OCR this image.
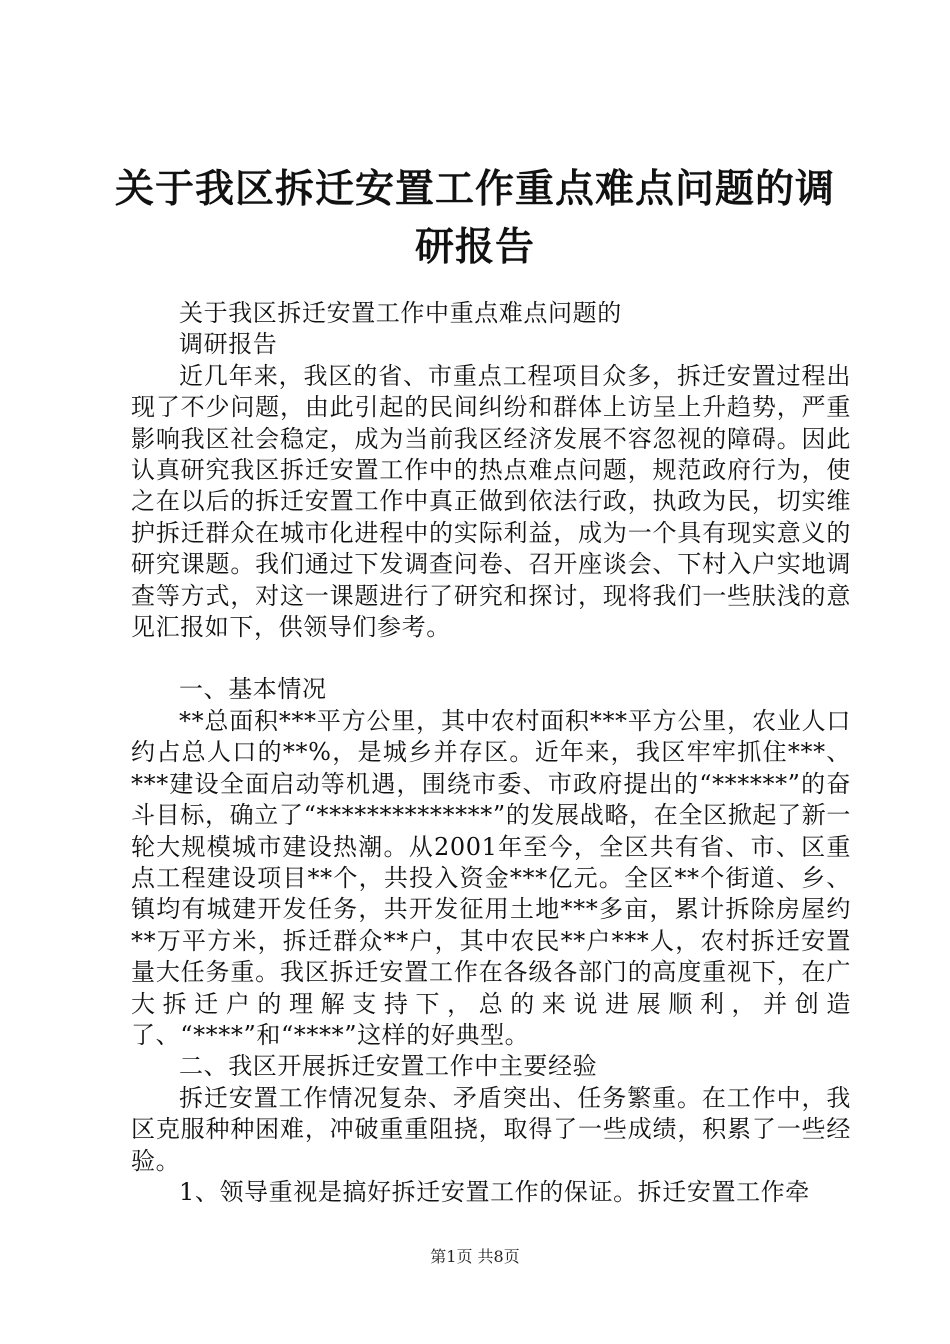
关于我区拆迁安置工作重点难点问题的调研报告

关于我区拆迁安置工作中重点难点问题的

调研报告

近几年来，我区的省、市重点工程项目众多，拆迁安置过程出现了不少问题，由此引起的民间纠纷和群体上访呈上升趋势，严重影响我区社会稳定，成为当前我区经济发展不容忽视的障碍。因此认真研究我区拆迁安置工作中的热点难点问题，规范政府行为，使之在以后的拆迁安置工作中真正做到依法行政，执政为民，切实维护拆迁群众在城市化进程中的实际利益，成为一个具有现实意义的研究课题。我们通过下发调查问卷、召开座谈会、下村入户实地调查等方式，对这一课题进行了研究和探讨，现将我们一些肤浅的意见汇报如下，供领导们参考。

一、基本情况

**总面积***平方公里，其中农村面积***平方公里，农业人口约占总人口的**%，是城乡并存区。近年来，我区牢牢抓住***、***建设全面启动等机遇，围绕市委、市政府提出的“******”的奋斗目标，确立了“**************”的发展战略，在全区掀起了新一轮大规模城市建设热潮。从2001年至今，全区共有省、市、区重点工程建设项目**个，共投入资金***亿元。全区**个街道、乡、镇均有城建开发任务，共开发征用土地***多亩，累计拆除房屋约**万平方米，拆迁群众**户，其中农民**户***人，农村拆迁安置量大任务重。我区拆迁安置工作在各级各部门的高度重视下，在广大拆迁户的理解支持下，总的来说进展顺利，并创造了、“****”和“****”这样的好典型。

二、我区开展拆迁安置工作中主要经验

拆迁安置工作情况复杂、矛盾突出、任务繁重。在工作中，我区克服种种困难，冲破重重阻挠，取得了一些成绩，积累了一些经验。

1、领导重视是搞好拆迁安置工作的保证。拆迁安置工作牵

第1页 共8页
